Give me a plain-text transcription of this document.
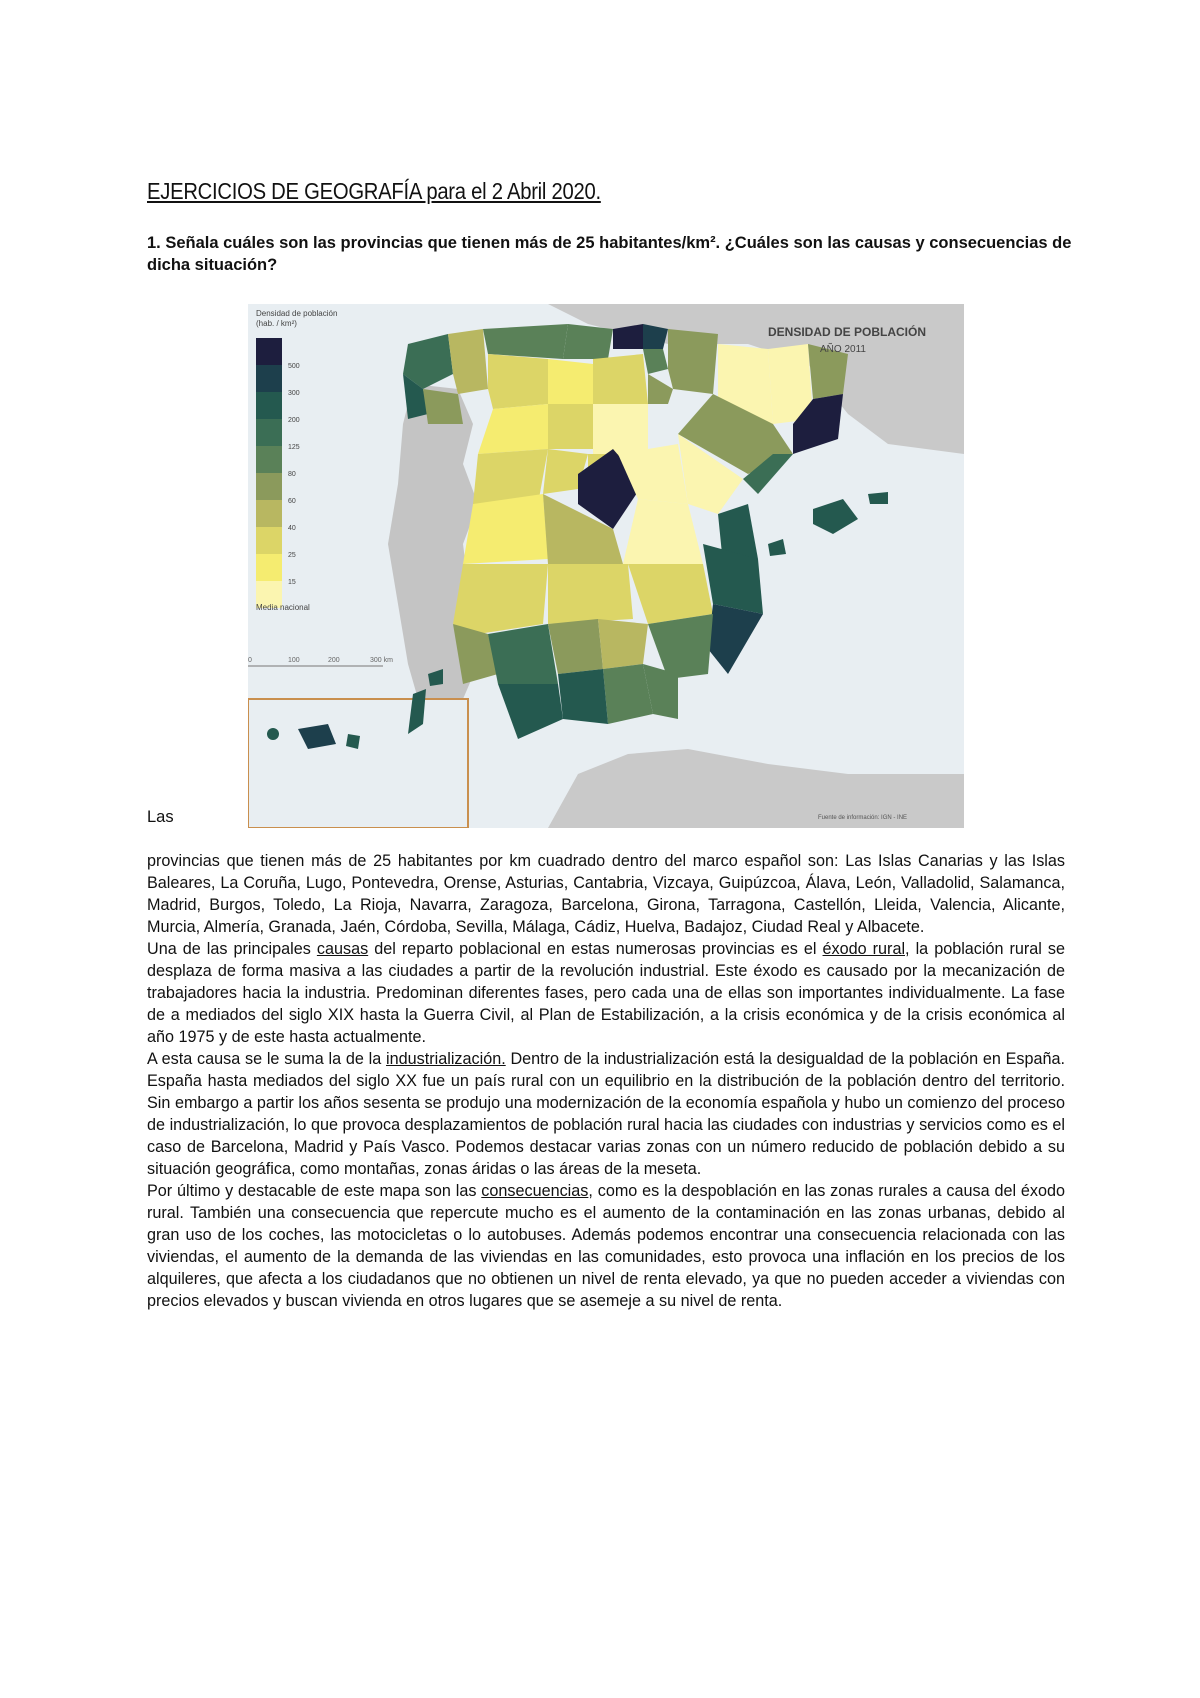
EJERCICIOS DE GEOGRAFÍA para el 2 Abril 2020.
1. Señala cuáles son las provincias que tienen más de 25 habitantes/km². ¿Cuáles son las causas y consecuencias de dicha situación?
Densidad de población
(hab. / km²)
500
300
200
125
80
60
40
25
15
Media nacional
0	100	200	300 km
DENSIDAD DE POBLACIÓN
AÑO 2011
Fuente de información: IGN - INE
Las

provincias que tienen más de 25 habitantes por km cuadrado dentro del marco español son: Las Islas Canarias y las Islas Baleares, La Coruña, Lugo, Pontevedra, Orense, Asturias, Cantabria, Vizcaya, Guipúzcoa, Álava, León, Valladolid, Salamanca, Madrid, Burgos, Toledo, La Rioja, Navarra, Zaragoza, Barcelona, Girona, Tarragona, Castellón, Lleida, Valencia, Alicante, Murcia, Almería, Granada, Jaén, Córdoba, Sevilla, Málaga, Cádiz, Huelva, Badajoz, Ciudad Real y Albacete.

Una de las principales causas del reparto poblacional en estas numerosas provincias es el éxodo rural, la población rural se desplaza de forma masiva a las ciudades a partir de la revolución industrial. Este éxodo es causado por la mecanización de trabajadores hacia la industria. Predominan diferentes fases, pero cada una de ellas son importantes individualmente. La fase de a mediados del siglo XIX hasta la Guerra Civil, al Plan de Estabilización, a la crisis económica y de la crisis económica al año 1975 y de este hasta actualmente.

A esta causa se le suma la de la industrialización. Dentro de la industrialización está la desigualdad de la población en España. España hasta mediados del siglo XX fue un país rural con un equilibrio en la distribución de la población dentro del territorio. Sin embargo a partir los años sesenta se produjo una modernización de la economía española y hubo un comienzo del proceso de industrialización, lo que provoca desplazamientos de población rural hacia las ciudades con industrias y servicios como es el caso de Barcelona, Madrid y País Vasco. Podemos destacar varias zonas con un número reducido de población debido a su situación geográfica, como montañas, zonas áridas o las áreas de la meseta.

Por último y destacable de este mapa son las consecuencias, como es la despoblación en las zonas rurales a causa del éxodo rural. También una consecuencia que repercute mucho es el aumento de la contaminación en las zonas urbanas, debido al gran uso de los coches, las motocicletas o lo autobuses. Además podemos encontrar una consecuencia relacionada con las viviendas, el aumento de la demanda de las viviendas en las comunidades, esto provoca una inflación en los precios de los alquileres, que afecta a los ciudadanos que no obtienen un nivel de renta elevado, ya que no pueden acceder a viviendas con precios elevados y buscan vivienda en otros lugares que se asemeje a su nivel de renta.
